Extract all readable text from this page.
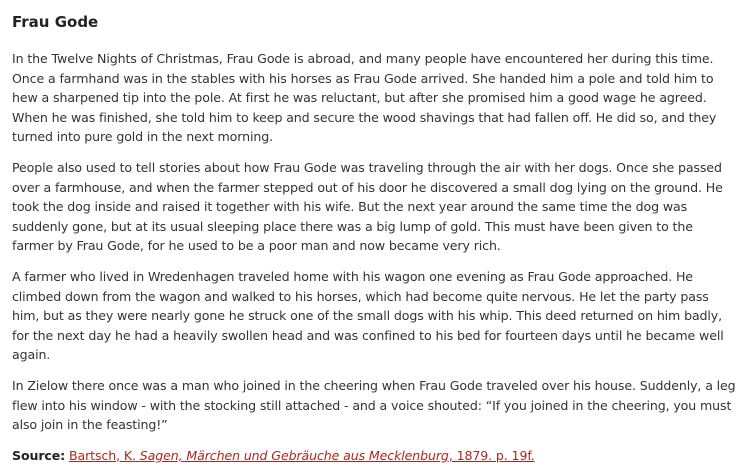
Frau Gode

In the Twelve Nights of Christmas, Frau Gode is abroad, and many people have encountered her during this time. Once a farmhand was in the stables with his horses as Frau Gode arrived. She handed him a pole and told him to hew a sharpened tip into the pole. At first he was reluctant, but after she promised him a good wage he agreed. When he was finished, she told him to keep and secure the wood shavings that had fallen off. He did so, and they turned into pure gold in the next morning.

People also used to tell stories about how Frau Gode was traveling through the air with her dogs. Once she passed over a farmhouse, and when the farmer stepped out of his door he discovered a small dog lying on the ground. He took the dog inside and raised it together with his wife. But the next year around the same time the dog was suddenly gone, but at its usual sleeping place there was a big lump of gold. This must have been given to the farmer by Frau Gode, for he used to be a poor man and now became very rich.

A farmer who lived in Wredenhagen traveled home with his wagon one evening as Frau Gode approached. He climbed down from the wagon and walked to his horses, which had become quite nervous. He let the party pass him, but as they were nearly gone he struck one of the small dogs with his whip. This deed returned on him badly, for the next day he had a heavily swollen head and was confined to his bed for fourteen days until he became well again.

In Zielow there once was a man who joined in the cheering when Frau Gode traveled over his house. Suddenly, a leg flew into his window - with the stocking still attached - and a voice shouted: “If you joined in the cheering, you must also join in the feasting!”

Source: Bartsch, K. Sagen, Märchen und Gebräuche aus Mecklenburg, 1879. p. 19f.
